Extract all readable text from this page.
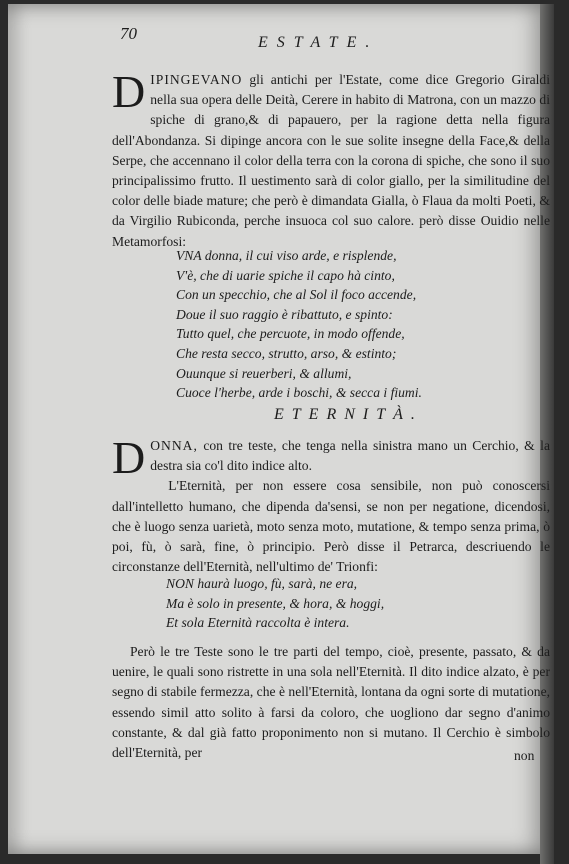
70	ESTATE.

DIPINGEVANO gli antichi per l'Estate, come dice Gregorio Giraldi nella sua opera delle Deità, Cerere in habito di Matrona, con un mazzo di spiche di grano,& di papauero, per la ragione detta nella figura dell'Abondanza. Si dipinge ancora con le sue solite insegne della Face,& della Serpe, che accennano il color della terra con la corona di spiche, che sono il suo principalissimo frutto. Il uestimento sarà di color giallo, per la similitudine del color delle biade mature; che però è dimandata Gialla, ò Flaua da molti Poeti, & da Virgilio Rubiconda, perche insuoca col suo calore. però disse Ouidio nelle Metamorfosi:

VNA donna, il cui viso arde, e risplende,
V'è, che di uarie spiche il capo hà cinto,
Con un specchio, che al Sol il foco accende,
Doue il suo raggio è ribattuto, e spinto:
Tutto quel, che percuote, in modo offende,
Che resta secco, strutto, arso, & estinto;
Ouunque si reuerberi, & allumi,
Cuoce l'herbe, arde i boschi, & secca i fiumi.
ETERNITÀ.

DONNA, con tre teste, che tenga nella sinistra mano un Cerchio, & la destra sia co'l dito indice alto.

L'Eternità, per non essere cosa sensibile, non può conoscersi dall'intelletto humano, che dipenda da'sensi, se non per negatione, dicendosi, che è luogo senza uarietà, moto senza moto, mutatione, & tempo senza prima, ò poi, fù, ò sarà, fine, ò principio. Però disse il Petrarca, descriuendo le circonstanze dell'Eternità, nell'ultimo de' Trionfi:

NON haurà luogo, fù, sarà, ne era,
Ma è solo in presente, & hora, & hoggi,
Et sola Eternità raccolta è intera.

Però le tre Teste sono le tre parti del tempo, cioè, presente, passato, & da uenire, le quali sono ristrette in una sola nell'Eternità. Il dito indice alzato, è per segno di stabile fermezza, che è nell'Eternità, lontana da ogni sorte di mutatione, essendo simil atto solito à farsi da coloro, che uogliono dar segno d'animo constante, & dal già fatto proponimento non si mutano. Il Cerchio è simbolo dell'Eternità, per	non
